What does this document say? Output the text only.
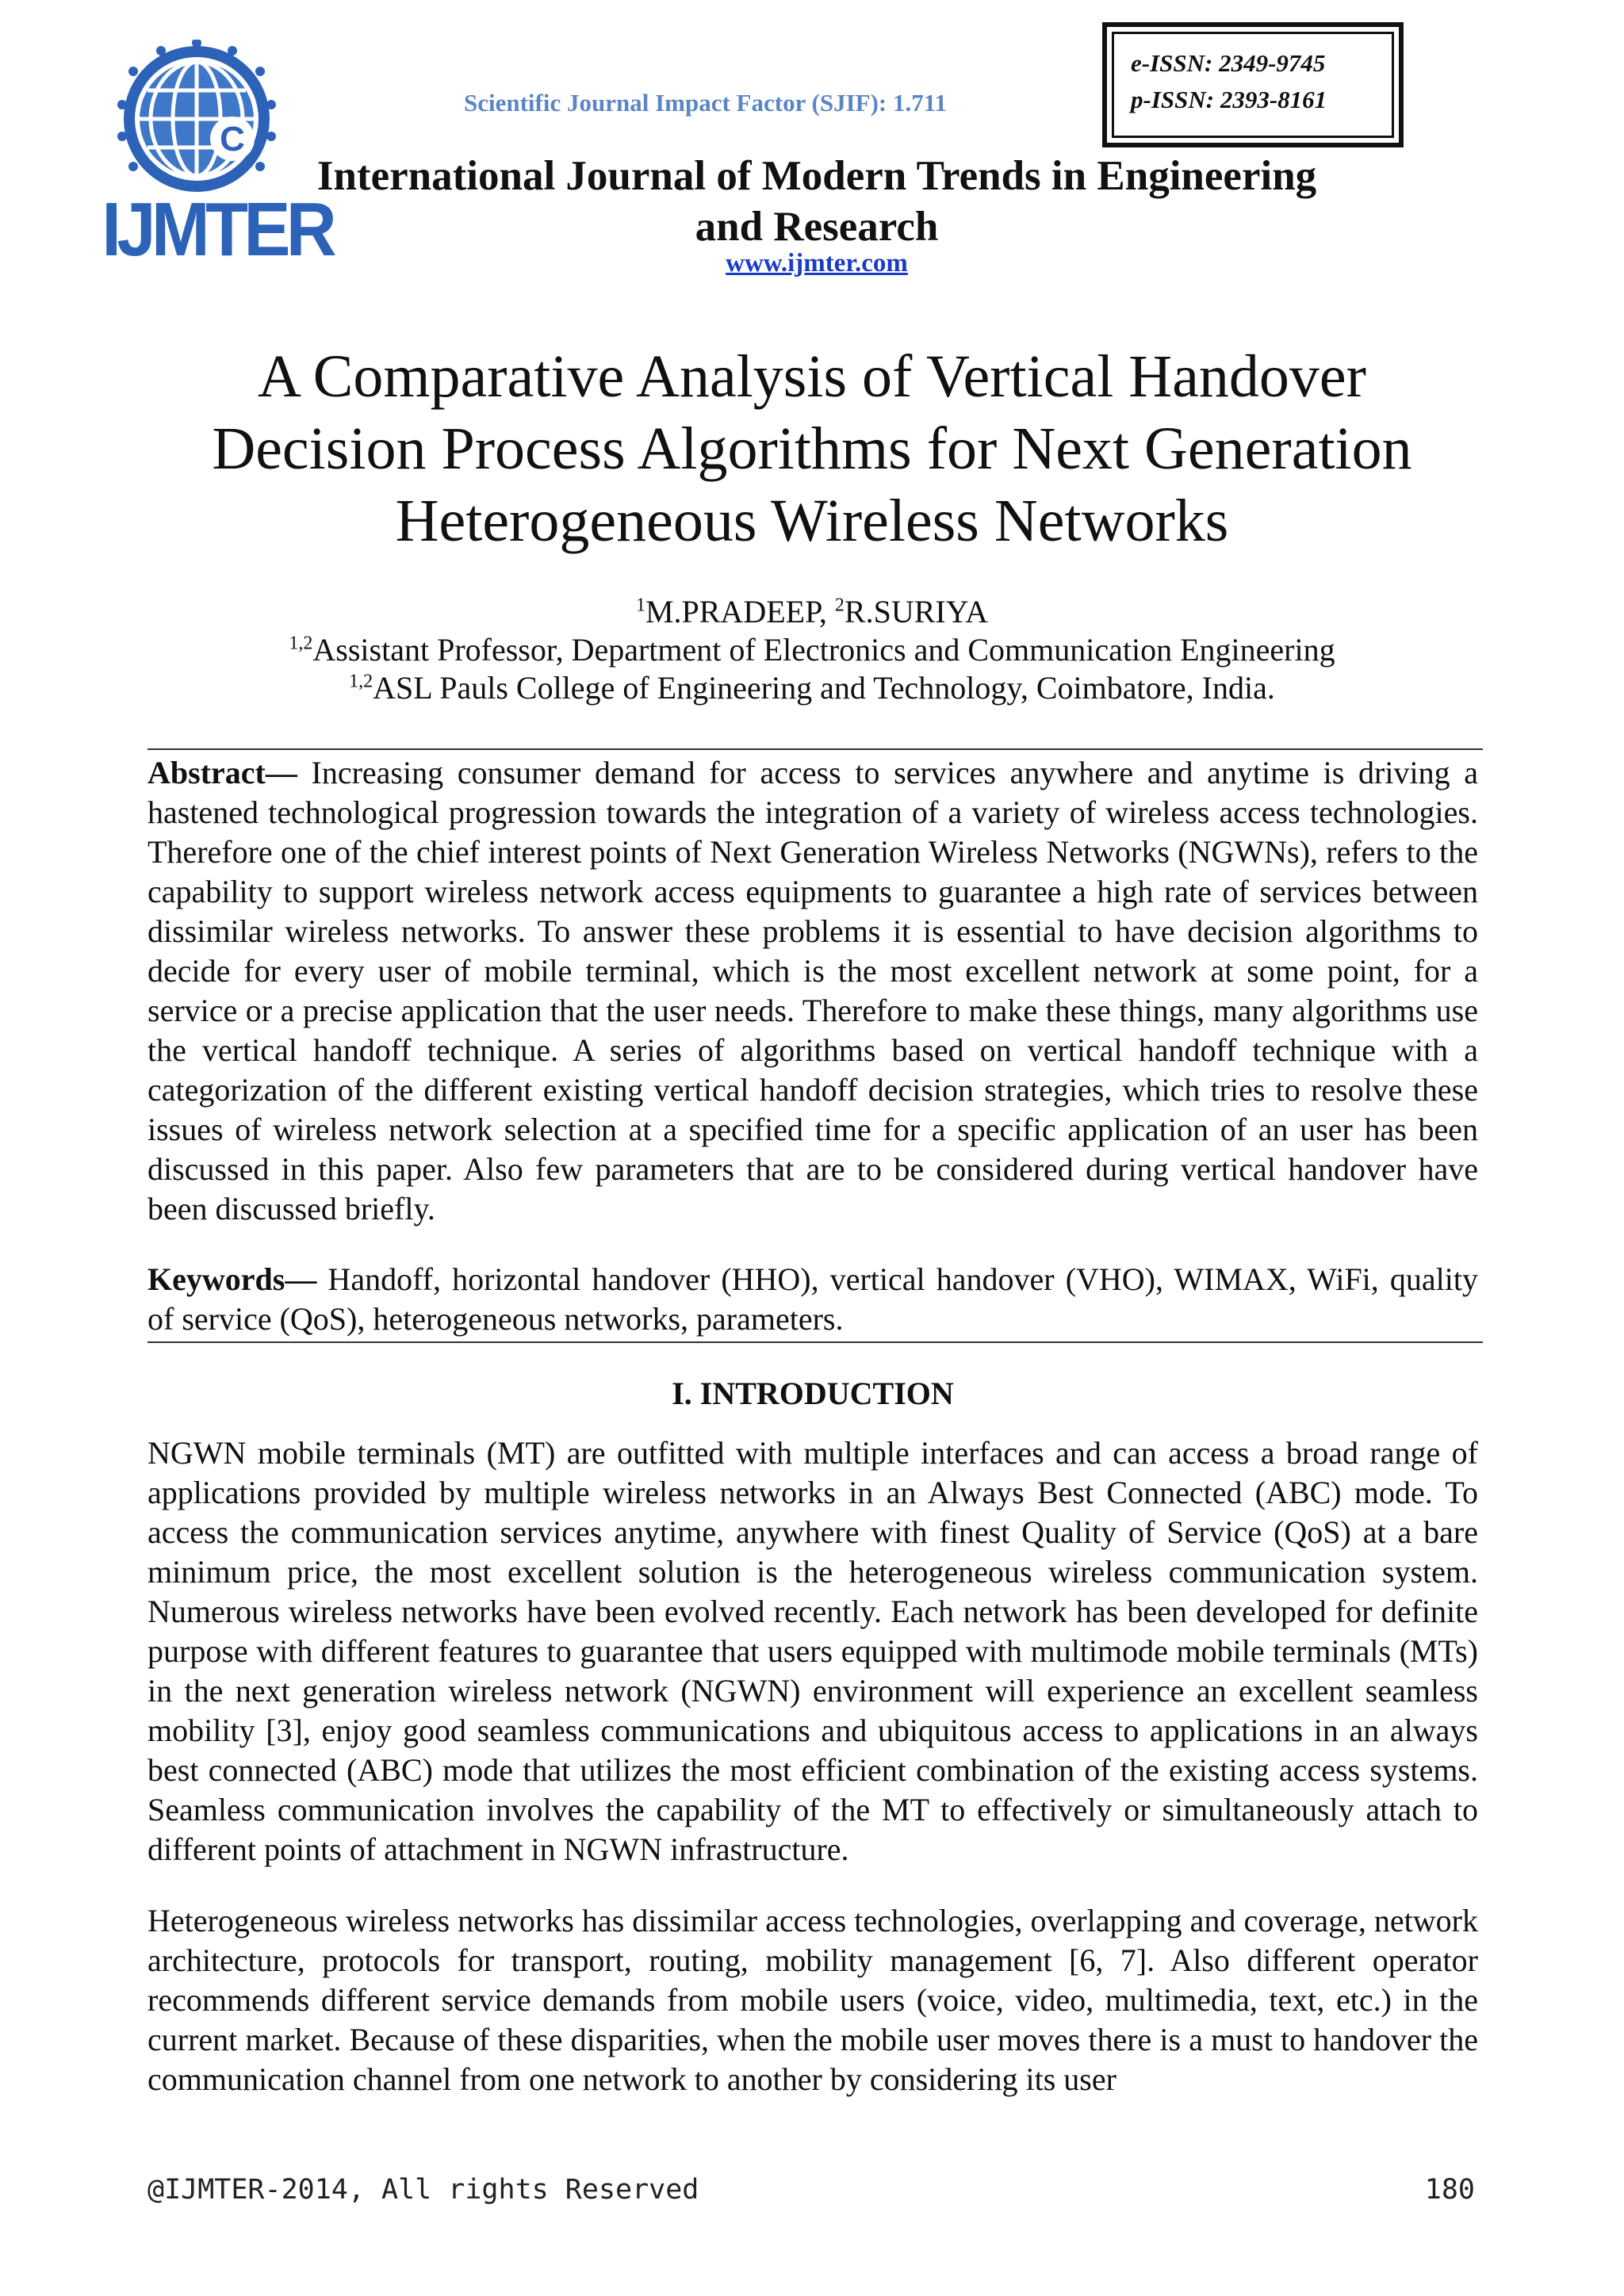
C
IJMTER
Scientific Journal Impact Factor (SJIF): 1.711
e-ISSN: 2349-9745
p-ISSN: 2393-8161
International Journal of Modern Trends in Engineering and Research
www.ijmter.com
A Comparative Analysis of Vertical Handover
Decision Process Algorithms for Next Generation
Heterogeneous Wireless Networks
$^1$M.PRADEEP, $^2$R.SURIYA
$^{1,2}$Assistant Professor, Department of Electronics and Communication Engineering
$^{1,2}$ASL Pauls College of Engineering and Technology, Coimbatore, India.
Abstract— Increasing consumer demand for access to services anywhere and anytime is driving a hastened technological progression towards the integration of a variety of wireless access technologies. Therefore one of the chief interest points of Next Generation Wireless Networks (NGWNs), refers to the capability to support wireless network access equipments to guarantee a high rate of services between dissimilar wireless networks. To answer these problems it is essential to have decision algorithms to decide for every user of mobile terminal, which is the most excellent network at some point, for a service or a precise application that the user needs. Therefore to make these things, many algorithms use the vertical handoff technique. A series of algorithms based on vertical handoff technique with a categorization of the different existing vertical handoff decision strategies, which tries to resolve these issues of wireless network selection at a specified time for a specific application of an user has been discussed in this paper. Also few parameters that are to be considered during vertical handover have been discussed briefly.
Keywords— Handoff, horizontal handover (HHO), vertical handover (VHO), WIMAX, WiFi, quality of service (QoS), heterogeneous networks, parameters.
I. INTRODUCTION
NGWN mobile terminals (MT) are outfitted with multiple interfaces and can access a broad range of applications provided by multiple wireless networks in an Always Best Connected (ABC) mode. To access the communication services anytime, anywhere with finest Quality of Service (QoS) at a bare minimum price, the most excellent solution is the heterogeneous wireless communication system. Numerous wireless networks have been evolved recently. Each network has been developed for definite purpose with different features to guarantee that users equipped with multimode mobile terminals (MTs) in the next generation wireless network (NGWN) environment will experience an excellent seamless mobility [3], enjoy good seamless communications and ubiquitous access to applications in an always best connected (ABC) mode that utilizes the most efficient combination of the existing access systems. Seamless communication involves the capability of the MT to effectively or simultaneously attach to different points of attachment in NGWN infrastructure.
Heterogeneous wireless networks has dissimilar access technologies, overlapping and coverage, network architecture, protocols for transport, routing, mobility management [6, 7]. Also different operator recommends different service demands from mobile users (voice, video, multimedia, text, etc.) in the current market. Because of these disparities, when the mobile user moves there is a must to handover the communication channel from one network to another by considering its user
@IJMTER-2014, All rights Reserved	180
